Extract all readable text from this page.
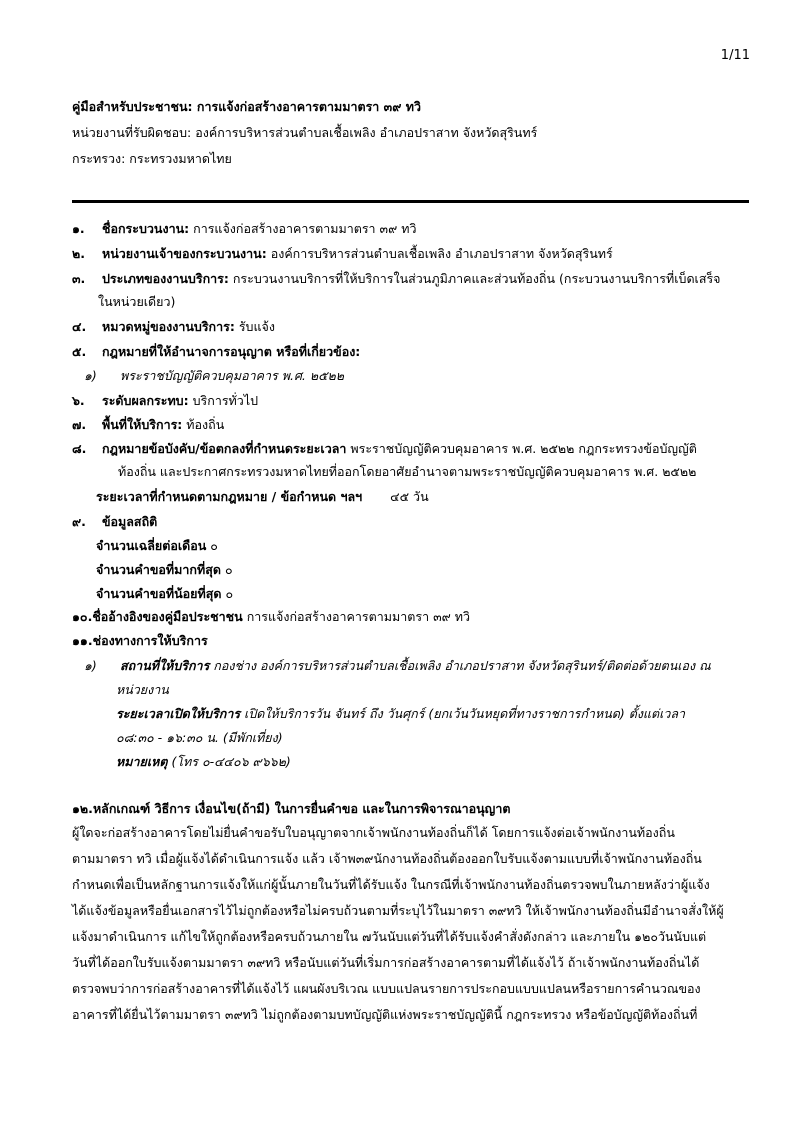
1/11
คู่มือสำหรับประชาชน: การแจ้งก่อสร้างอาคารตามมาตรา ๓๙ ทวิ
หน่วยงานที่รับผิดชอบ: องค์การบริหารส่วนตำบลเชื้อเพลิง อำเภอปราสาท จังหวัดสุรินทร์
กระทรวง: กระทรวงมหาดไทย
๑. ชื่อกระบวนงาน: การแจ้งก่อสร้างอาคารตามมาตรา ๓๙ ทวิ
๒. หน่วยงานเจ้าของกระบวนงาน: องค์การบริหารส่วนตำบลเชื้อเพลิง อำเภอปราสาท จังหวัดสุรินทร์
๓. ประเภทของงานบริการ: กระบวนงานบริการที่ให้บริการในส่วนภูมิภาคและส่วนท้องถิ่น (กระบวนงานบริการที่เบ็ดเสร็จ
ในหน่วยเดียว)
๔. หมวดหมู่ของงานบริการ: รับแจ้ง
๕. กฎหมายที่ให้อำนาจการอนุญาต หรือที่เกี่ยวข้อง:
๑) พระราชบัญญัติควบคุมอาคาร พ.ศ. ๒๕๒๒
๖. ระดับผลกระทบ: บริการทั่วไป
๗. พื้นที่ให้บริการ: ท้องถิ่น
๘. กฎหมายข้อบังคับ/ข้อตกลงที่กำหนดระยะเวลา พระราชบัญญัติควบคุมอาคาร พ.ศ. ๒๕๒๒ กฎกระทรวงข้อบัญญัติ
ท้องถิ่น และประกาศกระทรวงมหาดไทยที่ออกโดยอาศัยอำนาจตามพระราชบัญญัติควบคุมอาคาร พ.ศ. ๒๕๒๒
ระยะเวลาที่กำหนดตามกฎหมาย / ข้อกำหนด ฯลฯ ๔๕ วัน
๙. ข้อมูลสถิติ
จำนวนเฉลี่ยต่อเดือน ๐
จำนวนคำขอที่มากที่สุด ๐
จำนวนคำขอที่น้อยที่สุด ๐
๑๐.ชื่ออ้างอิงของคู่มือประชาชน การแจ้งก่อสร้างอาคารตามมาตรา ๓๙ ทวิ
๑๑.ช่องทางการให้บริการ
๑) สถานที่ให้บริการ กองช่าง องค์การบริหารส่วนตำบลเชื้อเพลิง อำเภอปราสาท จังหวัดสุรินทร์/ติดต่อด้วยตนเอง ณ
หน่วยงาน
ระยะเวลาเปิดให้บริการ เปิดให้บริการวัน จันทร์ ถึง วันศุกร์ (ยกเว้นวันหยุดที่ทางราชการกำหนด) ตั้งแต่เวลา
๐๘:๓๐ - ๑๖:๓๐ น. (มีพักเที่ยง)
หมายเหตุ (โทร ๐-๔๔๐๖ ๙๖๖๒)
๑๒.หลักเกณฑ์ วิธีการ เงื่อนไข(ถ้ามี) ในการยื่นคำขอ และในการพิจารณาอนุญาต
ผู้ใดจะก่อสร้างอาคารโดยไม่ยื่นคำขอรับใบอนุญาตจากเจ้าพนักงานท้องถิ่นก็ได้ โดยการแจ้งต่อเจ้าพนักงานท้องถิ่น
ตามมาตรา ทวิ เมื่อผู้แจ้งได้ดำเนินการแจ้ง แล้ว เจ้าพ๓๙นักงานท้องถิ่นต้องออกใบรับแจ้งตามแบบที่เจ้าพนักงานท้องถิ่น
กำหนดเพื่อเป็นหลักฐานการแจ้งให้แก่ผู้นั้นภายในวันที่ได้รับแจ้ง ในกรณีที่เจ้าพนักงานท้องถิ่นตรวจพบในภายหลังว่าผู้แจ้ง
ได้แจ้งข้อมูลหรือยื่นเอกสารไว้ไม่ถูกต้องหรือไม่ครบถ้วนตามที่ระบุไว้ในมาตรา ๓๙ทวิ ให้เจ้าพนักงานท้องถิ่นมีอำนาจสั่งให้ผู้
แจ้งมาดำเนินการ แก้ไขให้ถูกต้องหรือครบถ้วนภายใน ๗วันนับแต่วันที่ได้รับแจ้งคำสั่งดังกล่าว และภายใน ๑๒๐วันนับแต่
วันที่ได้ออกใบรับแจ้งตามมาตรา ๓๙ทวิ หรือนับแต่วันที่เริ่มการก่อสร้างอาคารตามที่ได้แจ้งไว้ ถ้าเจ้าพนักงานท้องถิ่นได้
ตรวจพบว่าการก่อสร้างอาคารที่ได้แจ้งไว้ แผนผังบริเวณ แบบแปลนรายการประกอบแบบแปลนหรือรายการคำนวณของ
อาคารที่ได้ยื่นไว้ตามมาตรา ๓๙ทวิ ไม่ถูกต้องตามบทบัญญัติแห่งพระราชบัญญัตินี้ กฎกระทรวง หรือข้อบัญญัติท้องถิ่นที่
